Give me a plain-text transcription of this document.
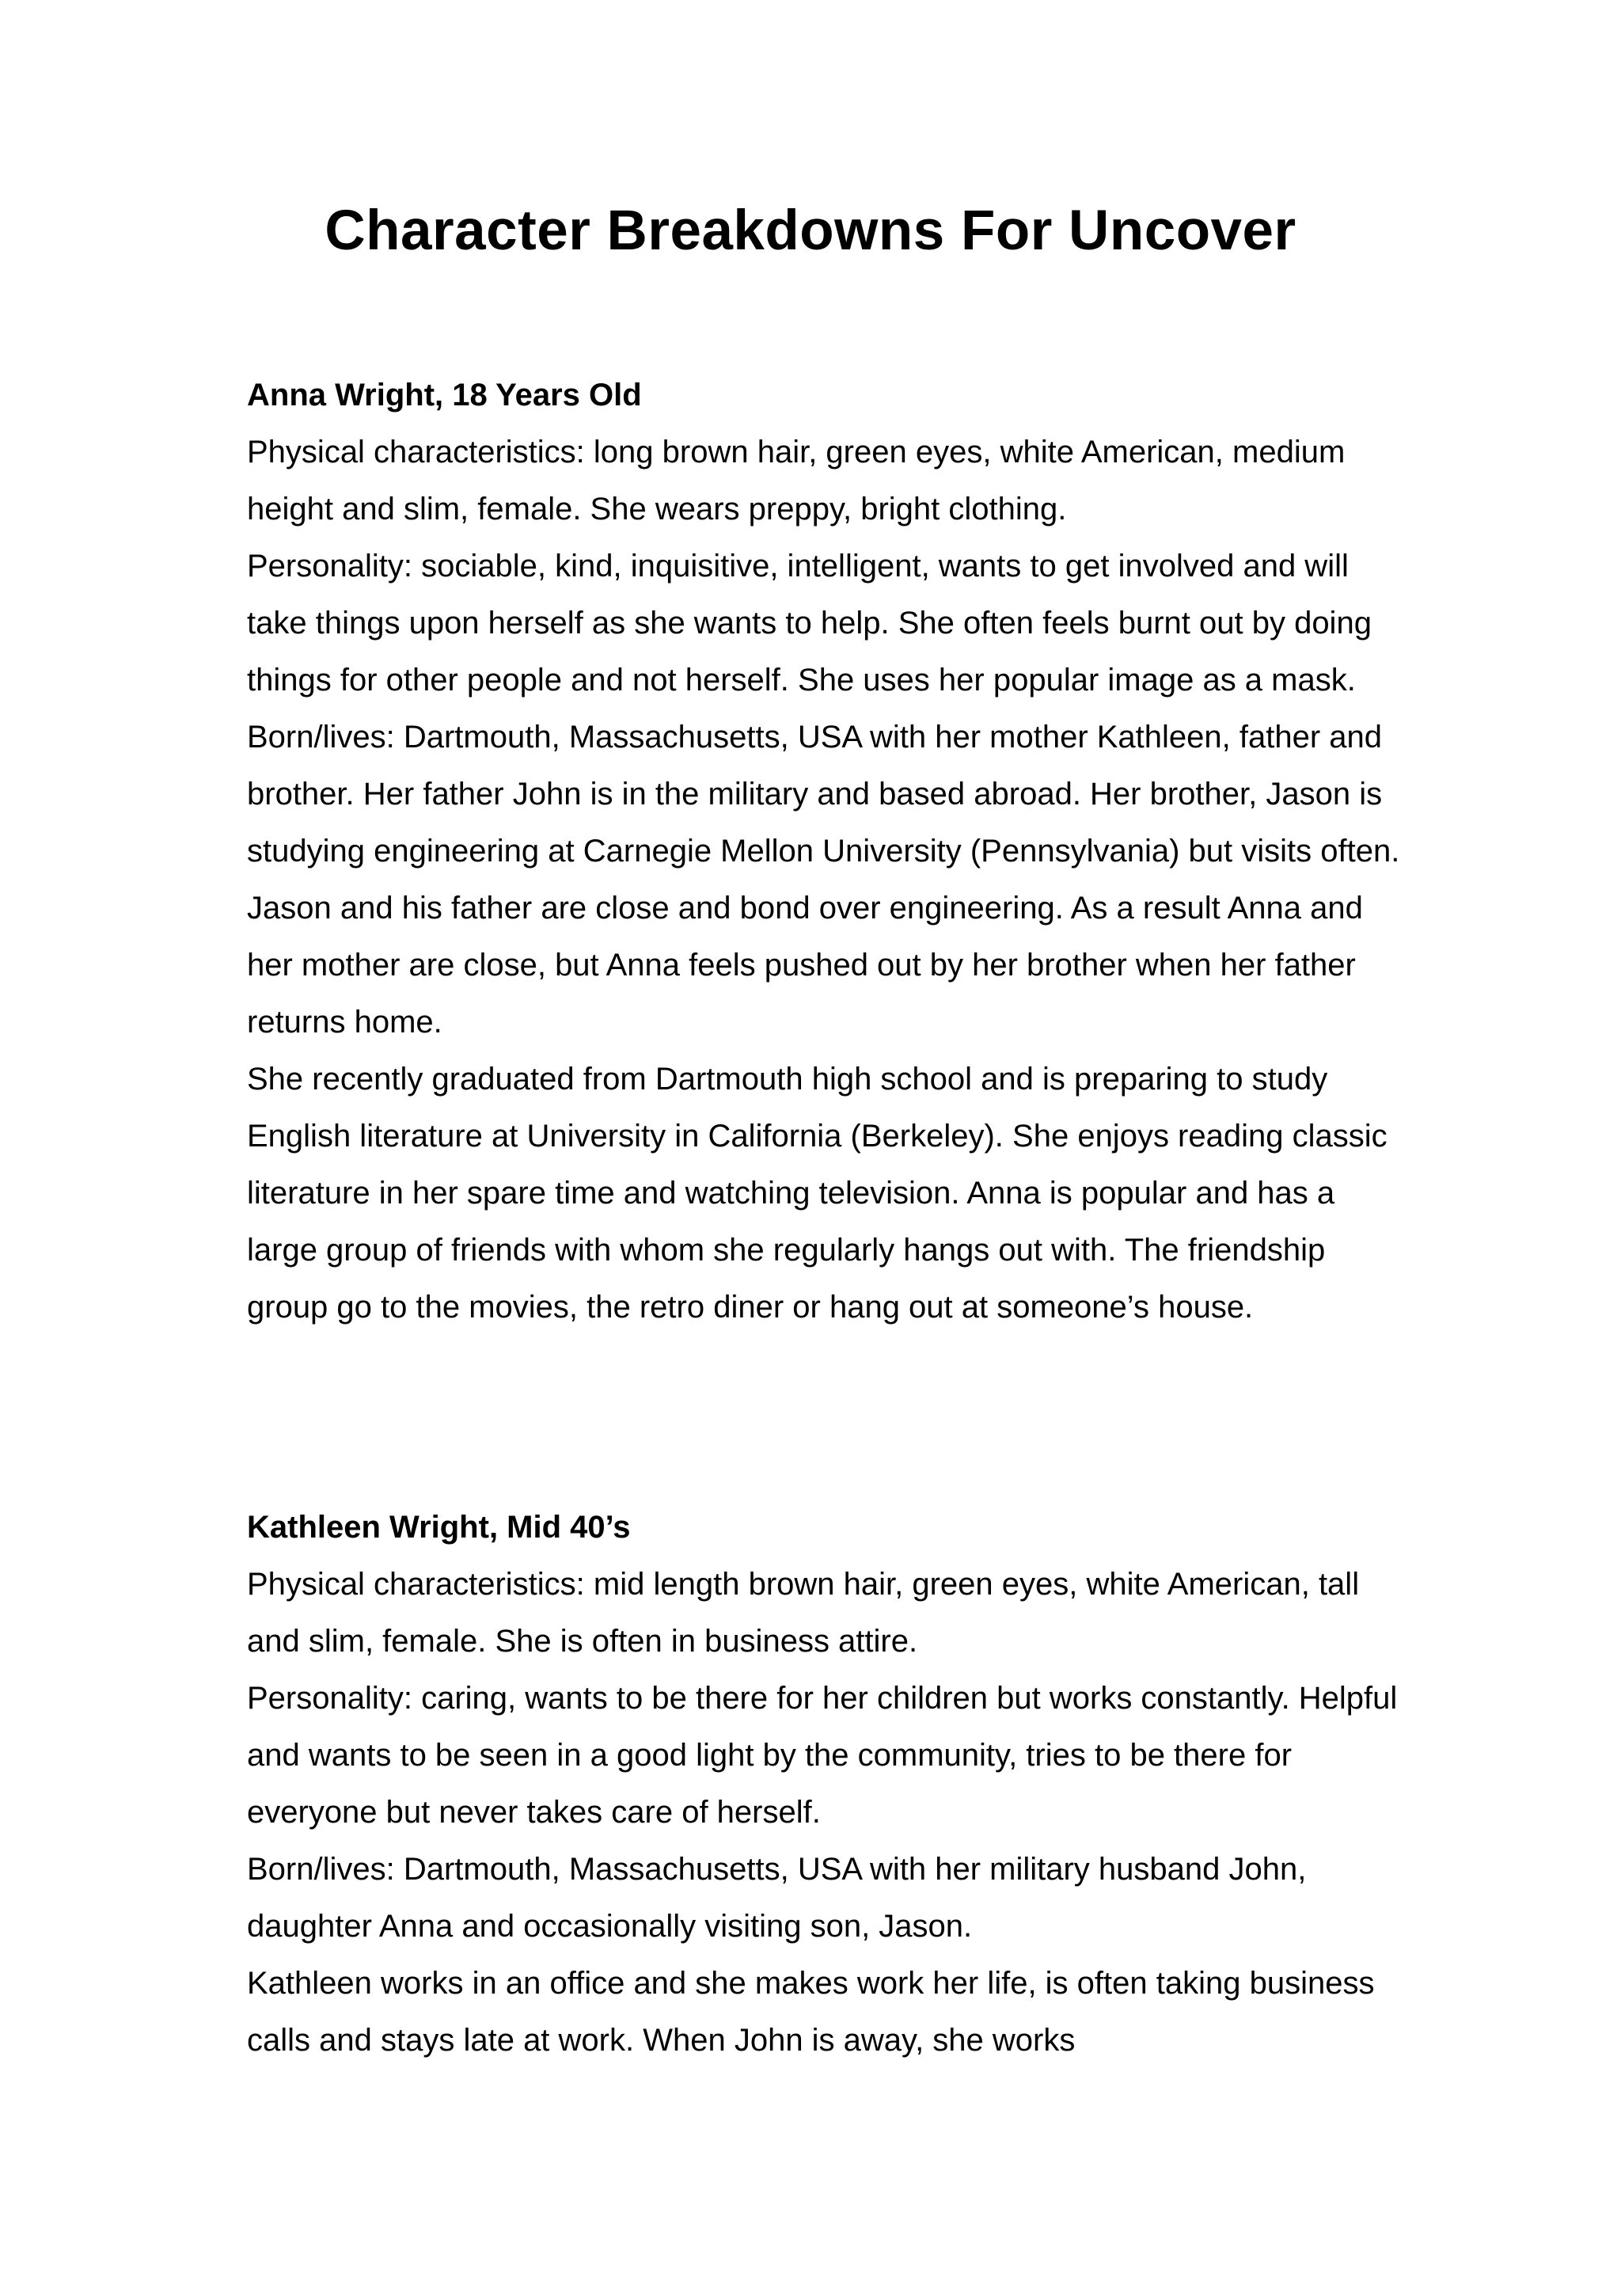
Character Breakdowns For Uncover

Anna Wright, 18 Years Old

Physical characteristics: long brown hair, green eyes, white American, medium height and slim, female. She wears preppy, bright clothing.

Personality: sociable, kind, inquisitive, intelligent, wants to get involved and will take things upon herself as she wants to help. She often feels burnt out by doing things for other people and not herself. She uses her popular image as a mask.

Born/lives: Dartmouth, Massachusetts, USA with her mother Kathleen, father and brother. Her father John is in the military and based abroad. Her brother, Jason is studying engineering at Carnegie Mellon University (Pennsylvania) but visits often. Jason and his father are close and bond over engineering. As a result Anna and her mother are close, but Anna feels pushed out by her brother when her father returns home.

She recently graduated from Dartmouth high school and is preparing to study English literature at University in California (Berkeley). She enjoys reading classic literature in her spare time and watching television. Anna is popular and has a large group of friends with whom she regularly hangs out with. The friendship group go to the movies, the retro diner or hang out at someone’s house.

Kathleen Wright, Mid 40’s

Physical characteristics: mid length brown hair, green eyes, white American, tall and slim, female. She is often in business attire.

Personality: caring, wants to be there for her children but works constantly. Helpful and wants to be seen in a good light by the community, tries to be there for everyone but never takes care of herself.

Born/lives: Dartmouth, Massachusetts, USA with her military husband John, daughter Anna and occasionally visiting son, Jason.

Kathleen works in an office and she makes work her life, is often taking business calls and stays late at work. When John is away, she works
